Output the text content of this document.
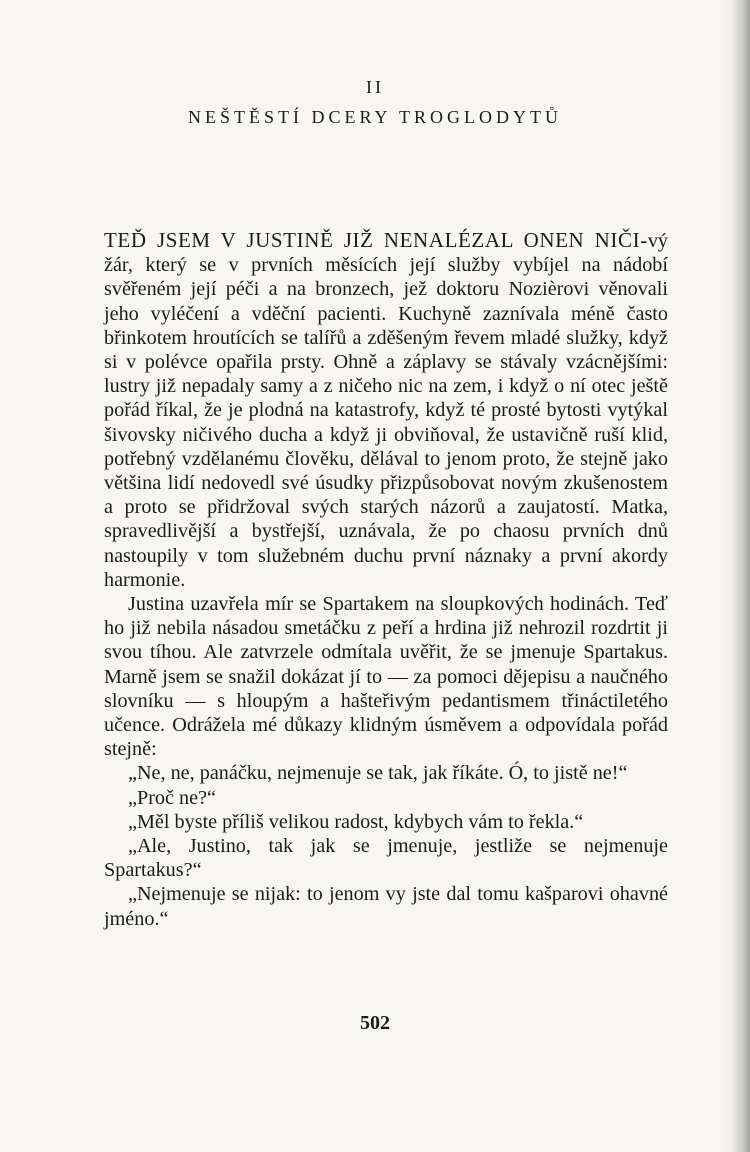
II
NEŠTĚSTÍ DCERY TROGLODYTŮ

TEĎ JSEM V JUSTINĚ JIŽ NENALÉZAL ONEN NIČI-vý žár, který se v prvních měsících její služby vybíjel na nádobí svěřeném její péči a na bronzech, jež doktoru Nozièrovi věnovali jeho vyléčení a vděční pacienti. Kuchyně zaznívala méně často břinkotem hroutících se talířů a zděšeným řevem mladé služky, když si v polévce opařila prsty. Ohně a záplavy se stávaly vzácnějšími: lustry již nepadaly samy a z ničeho nic na zem, i když o ní otec ještě pořád říkal, že je plodná na katastrofy, když té prosté bytosti vytýkal šivovsky ničivého ducha a když ji obviňoval, že ustavičně ruší klid, potřebný vzdělanému člověku, dělával to jenom proto, že stejně jako většina lidí nedovedl své úsudky přizpůsobovat novým zkušenostem a proto se přidržoval svých starých názorů a zaujatostí. Matka, spravedlivější a bystřejší, uznávala, že po chaosu prvních dnů nastoupily v tom služebném duchu první náznaky a první akordy harmonie.

Justina uzavřela mír se Spartakem na sloupkových hodinách. Teď ho již nebila násadou smetáčku z peří a hrdina již nehrozil rozdrtit ji svou tíhou. Ale zatvrzele odmítala uvěřit, že se jmenuje Spartakus. Marně jsem se snažil dokázat jí to — za pomoci dějepisu a naučného slovníku — s hloupým a hašteřivým pedantismem třináctiletého učence. Odrážela mé důkazy klidným úsměvem a odpovídala pořád stejně:

„Ne, ne, panáčku, nejmenuje se tak, jak říkáte. Ó, to jistě ne!“

„Proč ne?“

„Měl byste příliš velikou radost, kdybych vám to řekla.“

„Ale, Justino, tak jak se jmenuje, jestliže se nejmenuje Spartakus?“

„Nejmenuje se nijak: to jenom vy jste dal tomu kašparovi ohavné jméno.“

502
